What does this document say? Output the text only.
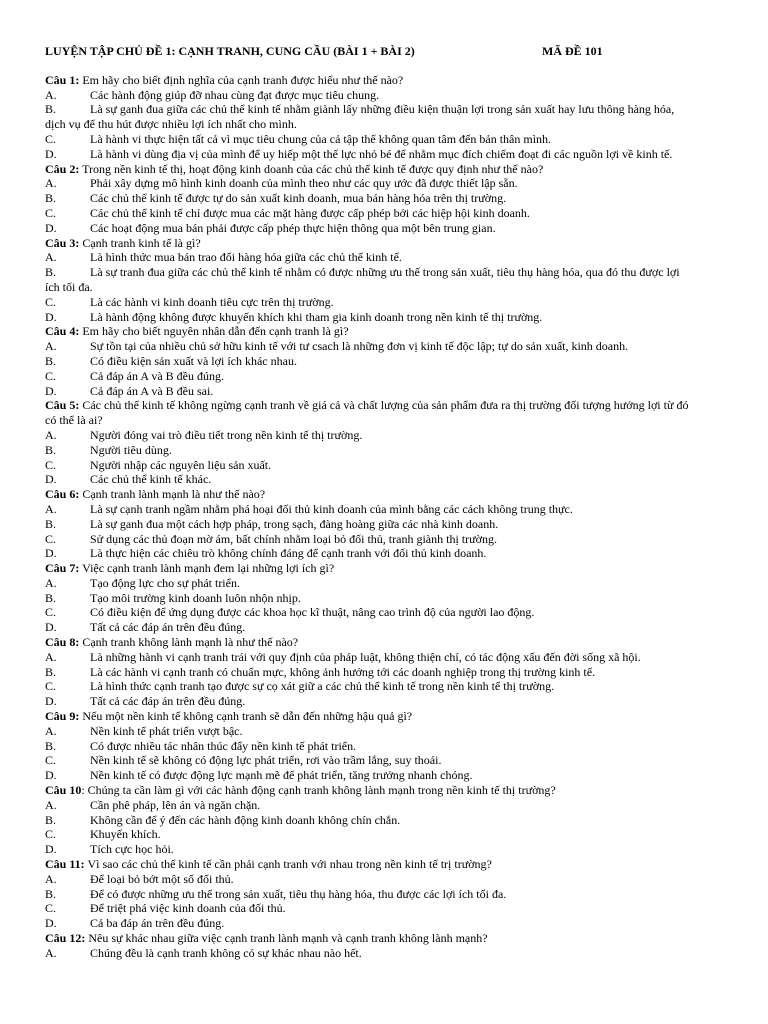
LUYỆN TẬP CHỦ ĐỀ 1: CẠNH TRANH, CUNG CẦU (BÀI 1 + BÀI 2)	MÃ ĐỀ 101
Câu 1: Em hãy cho biết định nghĩa của cạnh tranh được hiểu như thế nào?
A.	Các hành động giúp đỡ nhau cùng đạt được mục tiêu chung.
B.	Là sự ganh đua giữa các chủ thể kinh tế nhằm giành lấy những điều kiện thuận lợi trong sản xuất hay lưu thông hàng hóa,
dịch vụ để thu hút được nhiều lợi ích nhất cho mình.
C.	Là hành vi thực hiện tất cả vì mục tiêu chung của cả tập thể không quan tâm đến bản thân mình.
D.	Là hành vi dùng địa vị của mình để uy hiếp một thế lực nhỏ bé để nhằm mục đích chiếm đoạt đi các nguồn lợi về kinh tế.
Câu 2: Trong nền kinh tế thị, hoạt động kinh doanh của các chủ thể kinh tế được quy định như thế nào?
A.	Phải xây dựng mô hình kinh doanh của mình theo như các quy ước đã được thiết lập sẵn.
B.	Các chủ thể kinh tế được tự do sản xuất kinh doanh, mua bán hàng hóa trên thị trường.
C.	Các chủ thể kinh tế chỉ được mua các mặt hàng được cấp phép bởi các hiệp hội kinh doanh.
D.	Các hoạt động mua bán phải được cấp phép thực hiện thông qua một bên trung gian.
Câu 3: Cạnh tranh kinh tế là gì?
A.	Là hình thức mua bán trao đổi hàng hóa giữa các chủ thể kinh tế.
B.	Là sự tranh đua giữa các chủ thể kinh tế nhằm có được những ưu thế trong sản xuất, tiêu thụ hàng hóa, qua đó thu được lợi
ích tối đa.
C.	Là các hành vi kinh doanh tiêu cực trên thị trường.
D.	Là hành động không được khuyến khích khi tham gia kinh doanh trong nền kinh tế thị trường.
Câu 4: Em hãy cho biết nguyên nhân dẫn đến cạnh tranh là gì?
A.	Sự tồn tại của nhiều chủ sở hữu kinh tế với tư csach là những đơn vị kinh tế độc lập; tự do sản xuất, kinh doanh.
B.	Có điều kiện sản xuất và lợi ích khác nhau.
C.	Cả đáp án A và B đều đúng.
D.	Cả đáp án A và B đều sai.
Câu 5: Các chủ thể kinh tế không ngừng cạnh tranh về giá cả và chất lượng của sản phẩm đưa ra thị trường đối tượng hưởng lợi từ đó
có thể là ai?
A.	Người đóng vai trò điều tiết trong nền kinh tế thị trường.
B.	Người tiêu dùng.
C.	Người nhập các nguyên liệu sản xuất.
D.	Các chủ thể kinh tế khác.
Câu 6: Cạnh tranh lành mạnh là như thế nào?
A.	Là sự cạnh tranh ngầm nhằm phá hoại đối thủ kinh doanh của mình bằng các cách không trung thực.
B.	Là sự ganh đua một cách hợp pháp, trong sạch, đàng hoàng giữa các nhà kinh doanh.
C.	Sử dụng các thủ đoạn mờ ám, bất chính nhằm loại bỏ đối thủ, tranh giành thị trường.
D.	Là thực hiện các chiêu trò không chính đáng để cạnh tranh với đối thủ kinh doanh.
Câu 7: Việc cạnh tranh lành mạnh đem lại những lợi ích gì?
A.	Tạo động lực cho sự phát triển.
B.	Tạo môi trường kinh doanh luôn nhộn nhịp.
C.	Có điều kiện để ứng dụng được các khoa học kĩ thuật, nâng cao trình độ của người lao động.
D.	Tất cả các đáp án trên đều đúng.
Câu 8: Cạnh tranh không lành mạnh là như thế nào?
A.	Là những hành vi cạnh tranh trái với quy định của pháp luật, không thiện chí, có tác động xấu đến đời sống xã hội.
B.	Là các hành vi cạnh tranh có chuẩn mực, không ảnh hưởng tới các doanh nghiệp trong thị trường kinh tế.
C.	Là hình thức cạnh tranh tạo được sự cọ xát giữ a các chủ thể kinh tế trong nền kinh tế thị trường.
D.	Tất cả các đáp án trên đều đúng.
Câu 9: Nếu một nền kinh tế không cạnh tranh sẽ dẫn đến những hậu quả gì?
A.	Nền kinh tế phát triển vượt bậc.
B.	Có được nhiều tác nhân thúc đẩy nền kinh tế phát triển.
C.	Nền kinh tế sẽ không có động lực phát triển, rơi vào trầm lắng, suy thoái.
D.	Nền kinh tế có được động lực mạnh mẽ để phát triển, tăng trưởng nhanh chóng.
Câu 10: Chúng ta cần làm gì với các hành động cạnh tranh không lành mạnh trong nền kinh tế thị trường?
A.	Cần phê pháp, lên án và ngăn chặn.
B.	Không cần để ý đến các hành động kinh doanh không chín chắn.
C.	Khuyến khích.
D.	Tích cực học hỏi.
Câu 11: Vì sao các chủ thể kinh tế cần phải cạnh tranh với nhau trong nền kinh tế trị trường?
A.	Để loại bỏ bớt một số đối thủ.
B.	Để có được những ưu thế trong sản xuất, tiêu thụ hàng hóa, thu được các lợi ích tối đa.
C.	Để triệt phá việc kinh doanh của đối thủ.
D.	Cả ba đáp án trên đều đúng.
Câu 12: Nêu sự khác nhau giữa việc cạnh tranh lành mạnh và cạnh tranh không lành mạnh?
A.	Chúng đều là cạnh tranh không có sự khác nhau nào hết.
